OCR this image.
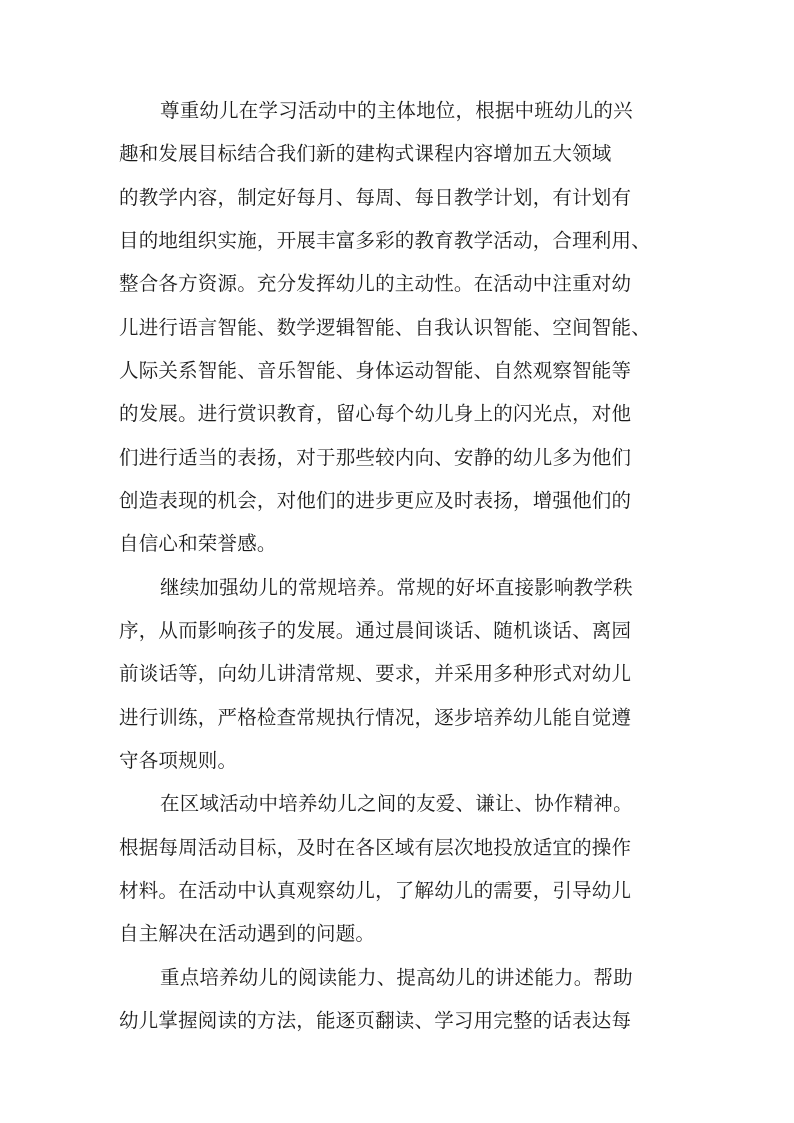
尊重幼儿在学习活动中的主体地位，根据中班幼儿的兴
趣和发展目标结合我们新的建构式课程内容增加五大领域
的教学内容，制定好每月、每周、每日教学计划，有计划有
目的地组织实施，开展丰富多彩的教育教学活动，合理利用、
整合各方资源。充分发挥幼儿的主动性。在活动中注重对幼
儿进行语言智能、数学逻辑智能、自我认识智能、空间智能、
人际关系智能、音乐智能、身体运动智能、自然观察智能等
的发展。进行赏识教育，留心每个幼儿身上的闪光点，对他
们进行适当的表扬，对于那些较内向、安静的幼儿多为他们
创造表现的机会，对他们的进步更应及时表扬，增强他们的
自信心和荣誉感。
继续加强幼儿的常规培养。常规的好坏直接影响教学秩
序，从而影响孩子的发展。通过晨间谈话、随机谈话、离园
前谈话等，向幼儿讲清常规、要求，并采用多种形式对幼儿
进行训练，严格检查常规执行情况，逐步培养幼儿能自觉遵
守各项规则。
在区域活动中培养幼儿之间的友爱、谦让、协作精神。
根据每周活动目标，及时在各区域有层次地投放适宜的操作
材料。在活动中认真观察幼儿，了解幼儿的需要，引导幼儿
自主解决在活动遇到的问题。
重点培养幼儿的阅读能力、提高幼儿的讲述能力。帮助
幼儿掌握阅读的方法，能逐页翻读、学习用完整的话表达每
